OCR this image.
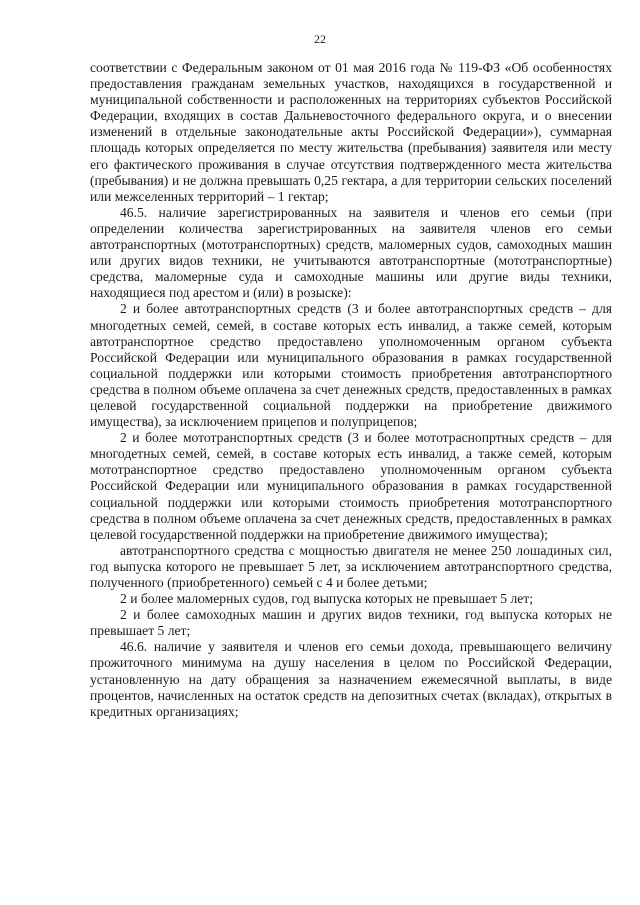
22

соответствии с Федеральным законом от 01 мая 2016 года № 119-ФЗ «Об особенностях предоставления гражданам земельных участков, находящихся в государственной и муниципальной собственности и расположенных на территориях субъектов Российской Федерации, входящих в состав Дальневосточного федерального округа, и о внесении изменений в отдельные законодательные акты Российской Федерации»), суммарная площадь которых определяется по месту жительства (пребывания) заявителя или месту его фактического проживания в случае отсутствия подтвержденного места жительства (пребывания) и не должна превышать 0,25 гектара, а для территории сельских поселений или межселенных территорий – 1 гектар;

46.5. наличие зарегистрированных на заявителя и членов его семьи (при определении количества зарегистрированных на заявителя членов его семьи автотранспортных (мототранспортных) средств, маломерных судов, самоходных машин или других видов техники, не учитываются автотранспортные (мототранспортные) средства, маломерные суда и самоходные машины или другие виды техники, находящиеся под арестом и (или) в розыске):

2 и более автотранспортных средств (3 и более автотранспортных средств – для многодетных семей, семей, в составе которых есть инвалид, а также семей, которым автотранспортное средство предоставлено уполномоченным органом субъекта Российской Федерации или муниципального образования в рамках государственной социальной поддержки или которыми стоимость приобретения автотранспортного средства в полном объеме оплачена за счет денежных средств, предоставленных в рамках целевой государственной социальной поддержки на приобретение движимого имущества), за исключением прицепов и полуприцепов;

2 и более мототранспортных средств (3 и более мототраснопртных средств – для многодетных семей, семей, в составе которых есть инвалид, а также семей, которым мототранспортное средство предоставлено уполномоченным органом субъекта Российской Федерации или муниципального образования в рамках государственной социальной поддержки или которыми стоимость приобретения мототранспортного средства в полном объеме оплачена за счет денежных средств, предоставленных в рамках целевой государственной поддержки на приобретение движимого имущества);

автотранспортного средства с мощностью двигателя не менее 250 лошадиных сил, год выпуска которого не превышает 5 лет, за исключением автотранспортного средства, полученного (приобретенного) семьей с 4 и более детьми;

2 и более маломерных судов, год выпуска которых не превышает 5 лет;

2 и более самоходных машин и других видов техники, год выпуска которых не превышает 5 лет;

46.6. наличие у заявителя и членов его семьи дохода, превышающего величину прожиточного минимума на душу населения в целом по Российской Федерации, установленную на дату обращения за назначением ежемесячной выплаты, в виде процентов, начисленных на остаток средств на депозитных счетах (вкладах), открытых в кредитных организациях;
